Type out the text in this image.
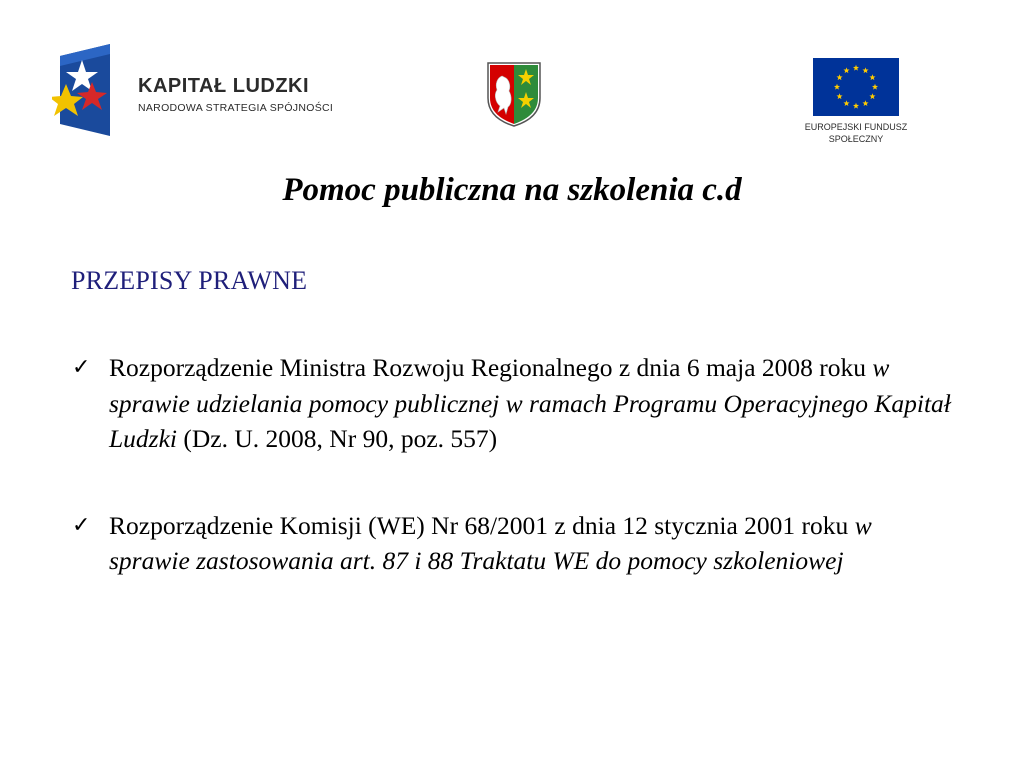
KAPITAŁ LUDZKI
NARODOWA STRATEGIA SPÓJNOŚCI
EUROPEJSKI FUNDUSZ
SPOŁECZNY
Pomoc publiczna na szkolenia c.d
PRZEPISY PRAWNE
✓ Rozporządzenie Ministra Rozwoju Regionalnego z dnia 6 maja 2008 roku w sprawie udzielania pomocy publicznej w ramach Programu Operacyjnego Kapitał Ludzki (Dz. U. 2008, Nr 90, poz. 557)
✓ Rozporządzenie Komisji (WE) Nr 68/2001 z dnia 12 stycznia 2001 roku w sprawie zastosowania art. 87 i 88 Traktatu WE do pomocy szkoleniowej
